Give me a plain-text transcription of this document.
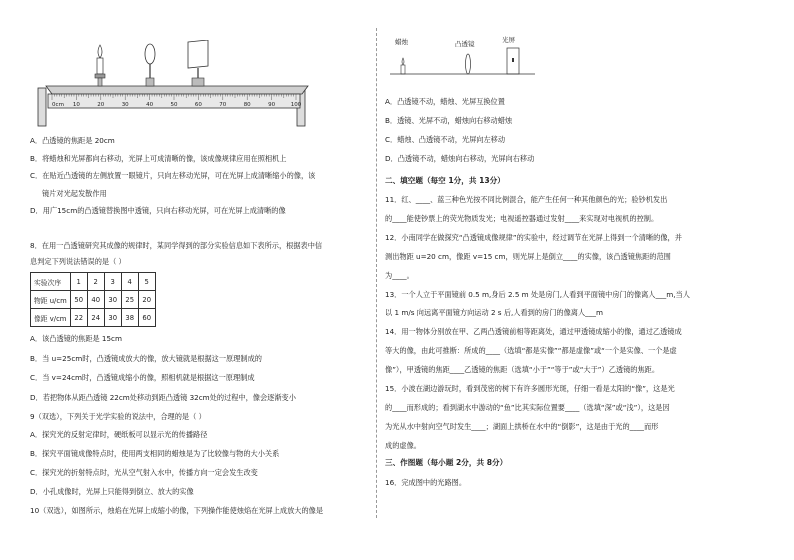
0cm 10	20	30	40	50	60	70	80	90	100
A．凸透镜的焦距是 20cm
B．将蜡烛和光屏都向右移动，光屏上可成清晰的像，该成像规律应用在照相机上
C．在贴近凸透镜的左侧放置一眼镜片，只向左移动光屏，可在光屏上成清晰缩小的像，该
镜片对光起发散作用
D．用广15cm的凸透镜替换图中透镜，只向右移动光屏，可在光屏上成清晰的像
8．在用一凸透镜研究其成像的规律时，某同学得到的部分实验信息如下表所示，根据表中信
息判定下列说法错误的是（ ）
实验次序	1	2	3	4	5
物距 u/cm	50	40	30	25	20
像距 v/cm	22	24	30	38	60
A．该凸透镜的焦距是 15cm
B．当 u=25cm时，凸透镜成放大的像，放大镜就是根据这一原理制成的
C．当 v=24cm时，凸透镜成缩小的像，照相机就是根据这一原理制成
D．若把物体从距凸透镜 22cm处移动到距凸透镜 32cm处的过程中，像会逐渐变小
9（双选），下列关于光学实验的说法中，合理的是（ ）
A．探究光的反射定律时，硬纸板可以显示光的传播路径
B．探究平面镜成像特点时，使用两支相同的蜡烛是为了比较像与物的大小关系
C．探究光的折射特点时，光从空气射入水中，传播方向一定会发生改变
D．小孔成像时，光屏上只能得到倒立、放大的实像
10（双选），如图所示，烛焰在光屏上成缩小的像，下列操作能使烛焰在光屏上成放大的像是
蜡烛	凸透镜	光屏
A．凸透镜不动，蜡烛、光屏互换位置
B．透镜、光屏不动，蜡烛向右移动蜡烛
C．蜡烛、凸透镜不动，光屏向左移动
D．凸透镜不动，蜡烛向右移动，光屏向右移动
二、填空题（每空 1分，共 13分）
11．红、____、蓝三种色光按不同比例混合，能产生任何一种其他颜色的光；验钞机发出
的____能使钞票上的荧光物质发光；电视遥控器通过发射____来实现对电视机的控制。
12．小南同学在做探究“凸透镜成像规律”的实验中，经过调节在光屏上得到一个清晰的像，并
测出物距 u=20 cm，像距 v=15 cm，则光屏上是倒立____的实像，该凸透镜焦距的范围
为____。
13．一个人立于平面镜前 0.5 m,身后 2.5 m 处是房门,人看到平面镜中房门的像离人___m,当人
以 1 m/s 向远离平面镜方向运动 2 s 后,人看到的房门的像离人___m
14．用一物体分别放在甲、乙两凸透镜前相等距离处，通过甲透镜成缩小的像，通过乙透镜成
等大的像，由此可推断：所成的____（选填“都是实像”“都是虚像”或“一个是实像、一个是虚
像”），甲透镜的焦距____乙透镜的焦距（选填“小于”“等于”或“大于”）乙透镜的焦距。
15．小波在湖边游玩时，看到茂密的树下有许多圆形光斑，仔细一看是太阳的“像”，这是光
的____而形成的；看到湖水中游动的“鱼”比其实际位置要____（选填“深”或“浅”），这是因
为光从水中射向空气时发生____；湖面上拱桥在水中的“倒影”，这是由于光的____而形
成的虚像。
三、作图题（每小题 2分，共 8分）
16．完成图中的光路图。
